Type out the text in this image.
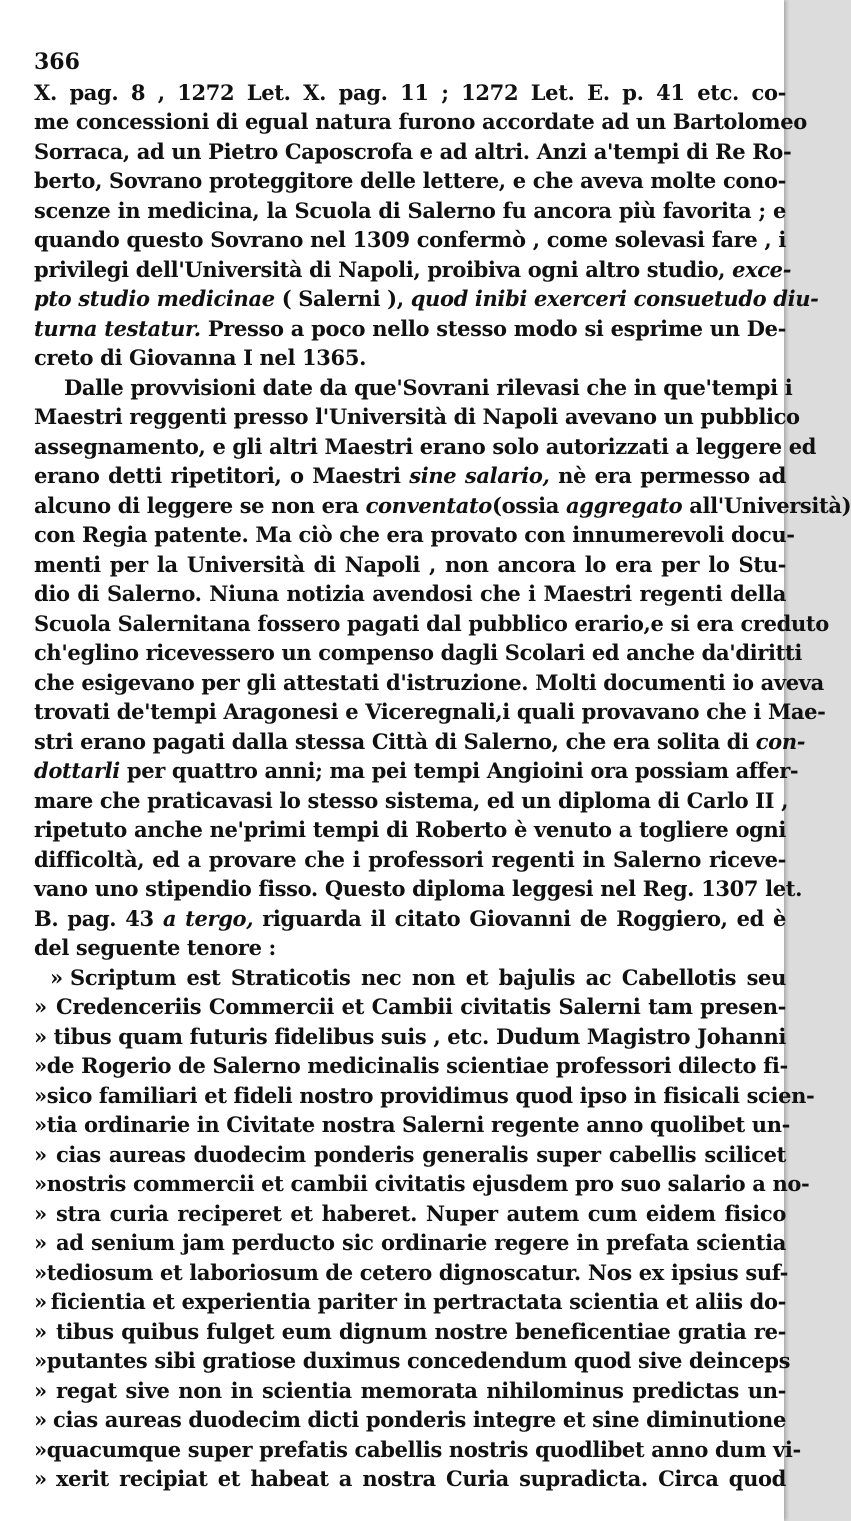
366
X. pag. 8 , 1272 Let. X. pag. 11 ; 1272 Let. E. p. 41 etc. co-
me concessioni di egual natura furono accordate ad un Bartolomeo
Sorraca, ad un Pietro Caposcrofa e ad altri. Anzi a'tempi di Re Ro-
berto, Sovrano proteggitore delle lettere, e che aveva molte cono-
scenze in medicina, la Scuola di Salerno fu ancora più favorita ; e
quando questo Sovrano nel 1309 confermò , come solevasi fare , i
privilegi dell'Università di Napoli, proibiva ogni altro studio, exce-
pto studio medicinae ( Salerni ), quod inibi exerceri consuetudo diu-
turna testatur. Presso a poco nello stesso modo si esprime un De-
creto di Giovanna I nel 1365.
Dalle provvisioni date da que'Sovrani rilevasi che in que'tempi i
Maestri reggenti presso l'Università di Napoli avevano un pubblico
assegnamento, e gli altri Maestri erano solo autorizzati a leggere ed
erano detti ripetitori, o Maestri sine salario, nè era permesso ad
alcuno di leggere se non era conventato(ossia aggregato all'Università)
con Regia patente. Ma ciò che era provato con innumerevoli docu-
menti per la Università di Napoli , non ancora lo era per lo Stu-
dio di Salerno. Niuna notizia avendosi che i Maestri regenti della
Scuola Salernitana fossero pagati dal pubblico erario,e si era creduto
ch'eglino ricevessero un compenso dagli Scolari ed anche da'diritti
che esigevano per gli attestati d'istruzione. Molti documenti io aveva
trovati de'tempi Aragonesi e Viceregnali,i quali provavano che i Mae-
stri erano pagati dalla stessa Città di Salerno, che era solita di con-
dottarli per quattro anni; ma pei tempi Angioini ora possiam affer-
mare che praticavasi lo stesso sistema, ed un diploma di Carlo II ,
ripetuto anche ne'primi tempi di Roberto è venuto a togliere ogni
difficoltà, ed a provare che i professori regenti in Salerno riceve-
vano uno stipendio fisso. Questo diploma leggesi nel Reg. 1307 let.
B. pag. 43 a tergo, riguarda il citato Giovanni de Roggiero, ed è
del seguente tenore :
» Scriptum est Straticotis nec non et bajulis ac Cabellotis seu
» Credenceriis Commercii et Cambii civitatis Salerni tam presen-
» tibus quam futuris fidelibus suis , etc. Dudum Magistro Johanni
» de Rogerio de Salerno medicinalis scientiae professori dilecto fi-
» sico familiari et fideli nostro providimus quod ipso in fisicali scien-
» tia ordinarie in Civitate nostra Salerni regente anno quolibet un-
» cias aureas duodecim ponderis generalis super cabellis scilicet
» nostris commercii et cambii civitatis ejusdem pro suo salario a no-
» stra curia reciperet et haberet. Nuper autem cum eidem fisico
» ad senium jam perducto sic ordinarie regere in prefata scientia
» tediosum et laboriosum de cetero dignoscatur. Nos ex ipsius suf-
» ficientia et experientia pariter in pertractata scientia et aliis do-
» tibus quibus fulget eum dignum nostre beneficentiae gratia re-
» putantes sibi gratiose duximus concedendum quod sive deinceps
» regat sive non in scientia memorata nihilominus predictas un-
» cias aureas duodecim dicti ponderis integre et sine diminutione
» quacumque super prefatis cabellis nostris quodlibet anno dum vi-
» xerit recipiat et habeat a nostra Curia supradicta. Circa quod
